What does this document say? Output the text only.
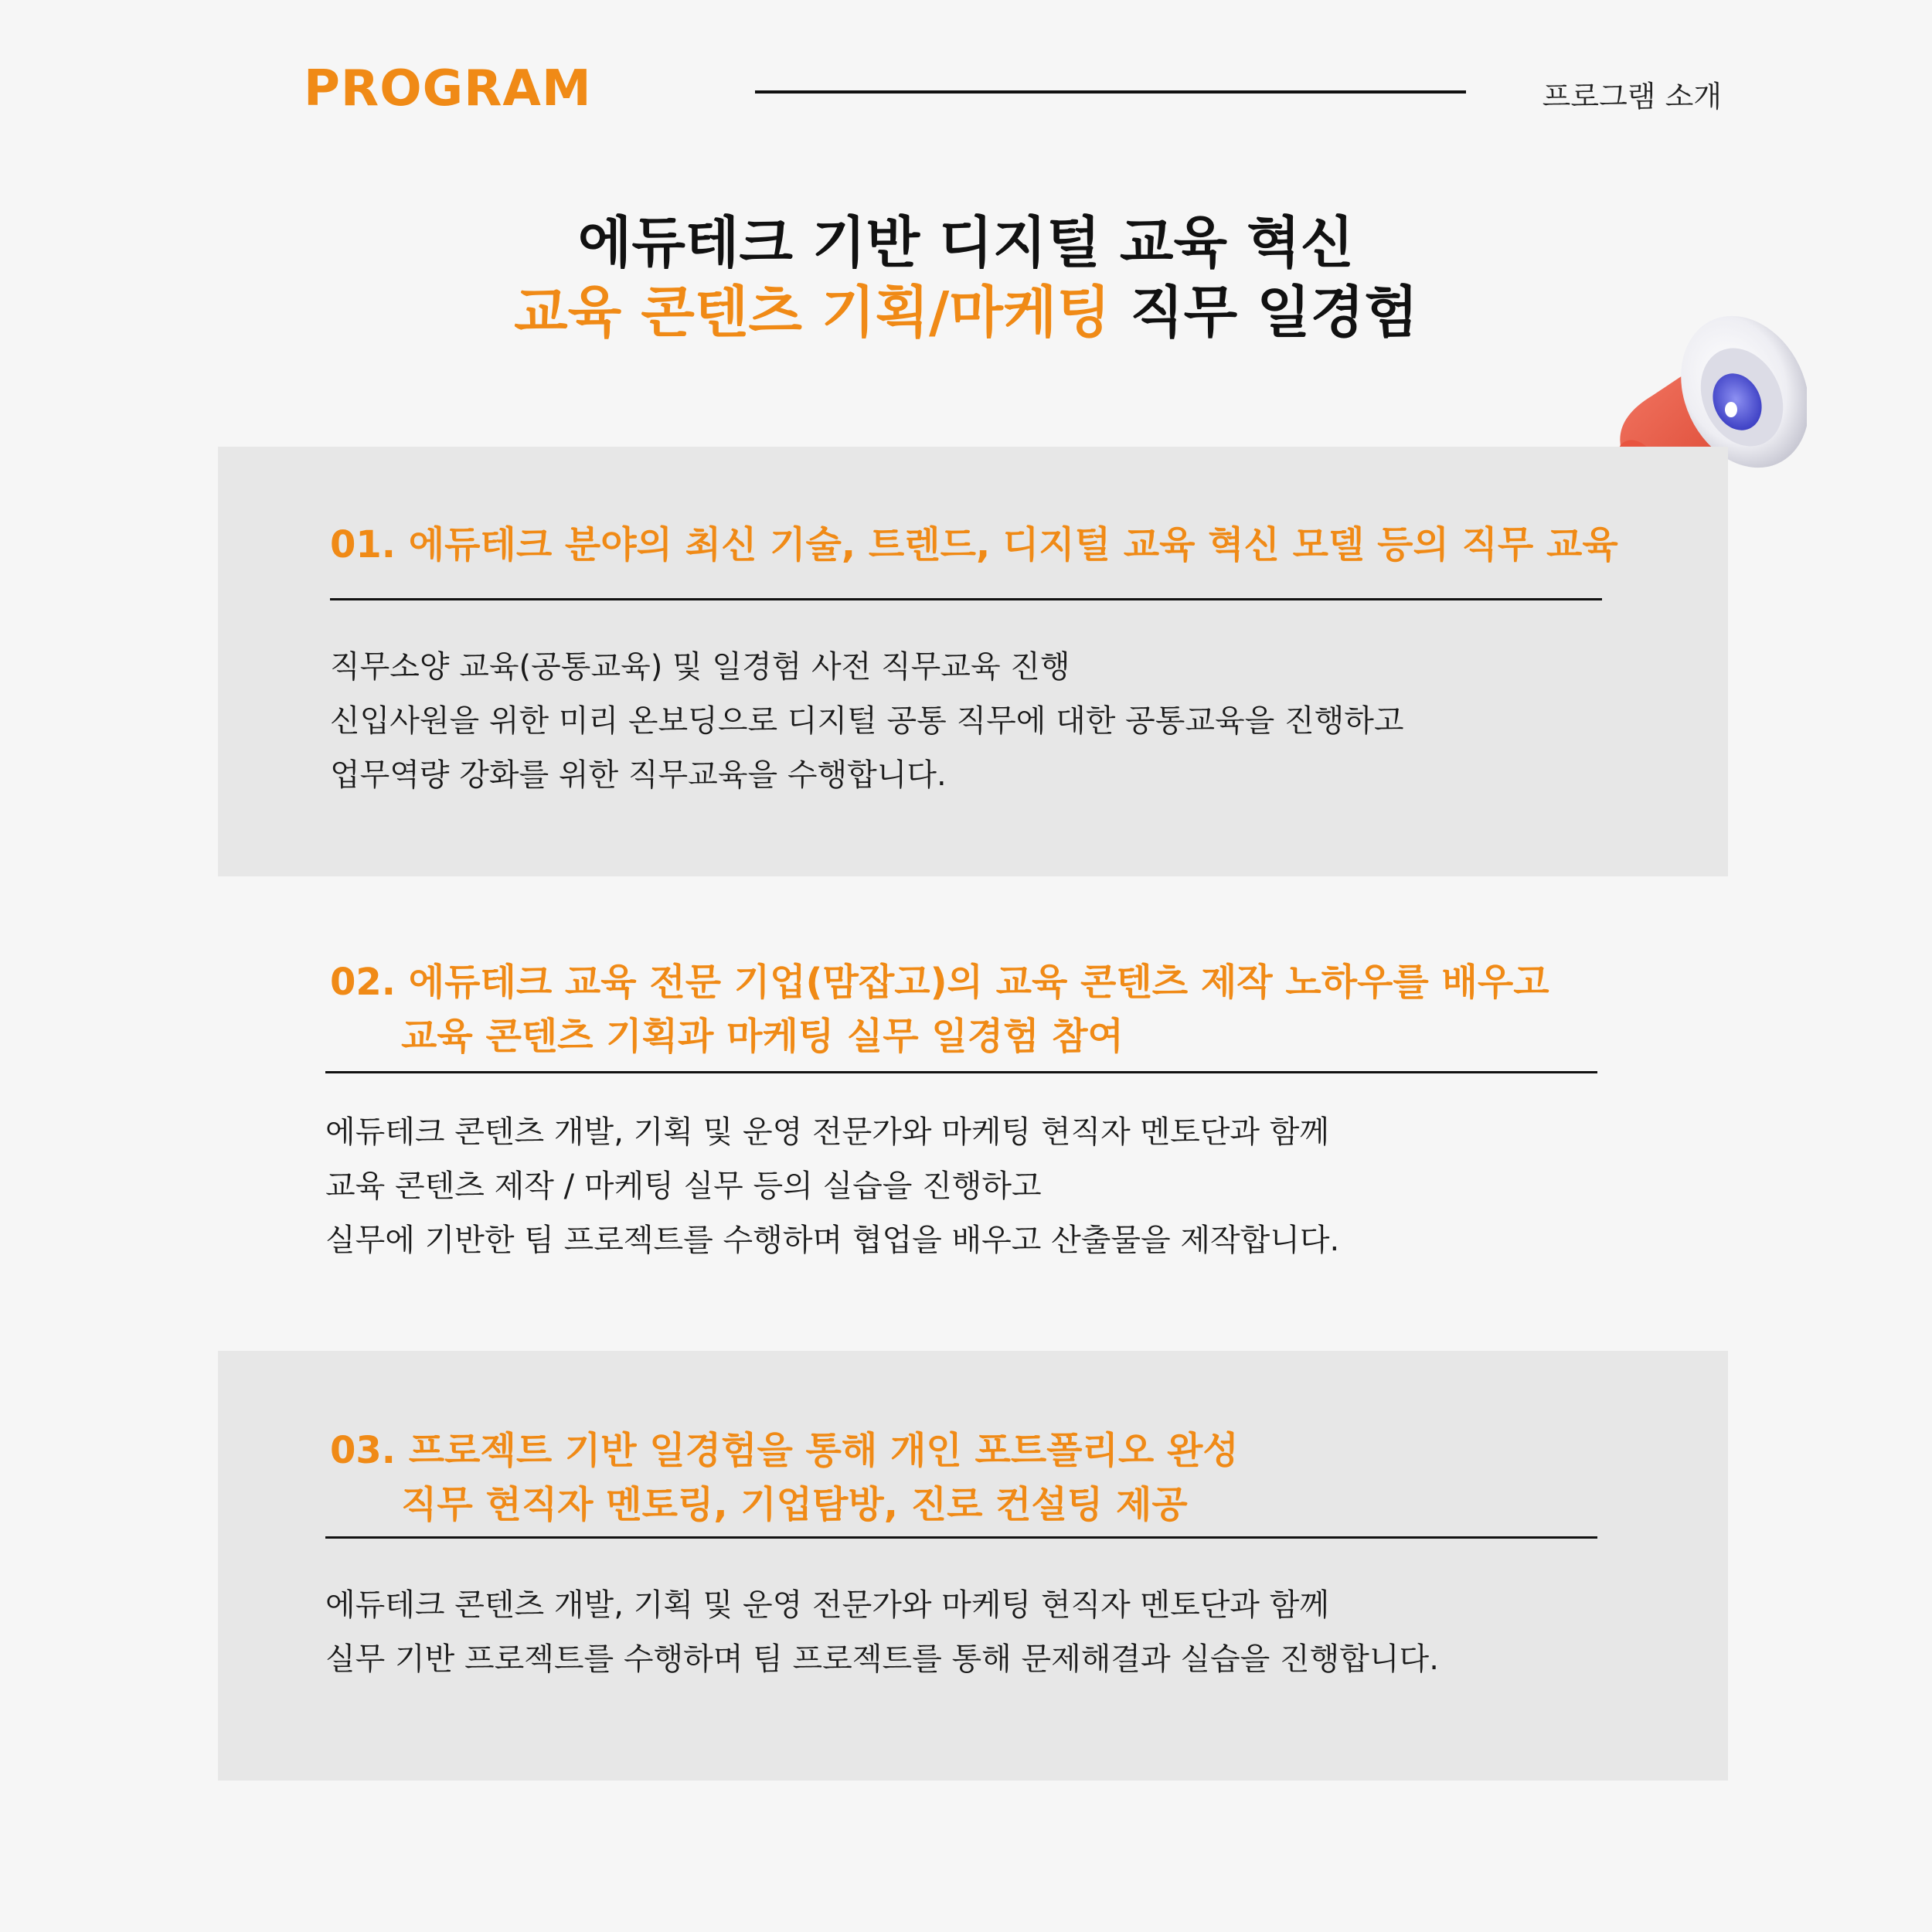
PROGRAM	프로그램 소개
에듀테크 기반 디지털 교육 혁신
교육 콘텐츠 기획/마케팅 직무 일경험
01. 에듀테크 분야의 최신 기술, 트렌드, 디지털 교육 혁신 모델 등의 직무 교육
직무소양 교육(공통교육) 및 일경험 사전 직무교육 진행
신입사원을 위한 미리 온보딩으로 디지털 공통 직무에 대한 공통교육을 진행하고
업무역량 강화를 위한 직무교육을 수행합니다.
02. 에듀테크 교육 전문 기업(맘잡고)의 교육 콘텐츠 제작 노하우를 배우고
교육 콘텐츠 기획과 마케팅 실무 일경험 참여
에듀테크 콘텐츠 개발, 기획 및 운영 전문가와 마케팅 현직자 멘토단과 함께
교육 콘텐츠 제작 / 마케팅 실무 등의 실습을 진행하고
실무에 기반한 팀 프로젝트를 수행하며 협업을 배우고 산출물을 제작합니다.
03. 프로젝트 기반 일경험을 통해 개인 포트폴리오 완성
직무 현직자 멘토링, 기업탐방, 진로 컨설팅 제공
에듀테크 콘텐츠 개발, 기획 및 운영 전문가와 마케팅 현직자 멘토단과 함께
실무 기반 프로젝트를 수행하며 팀 프로젝트를 통해 문제해결과 실습을 진행합니다.
